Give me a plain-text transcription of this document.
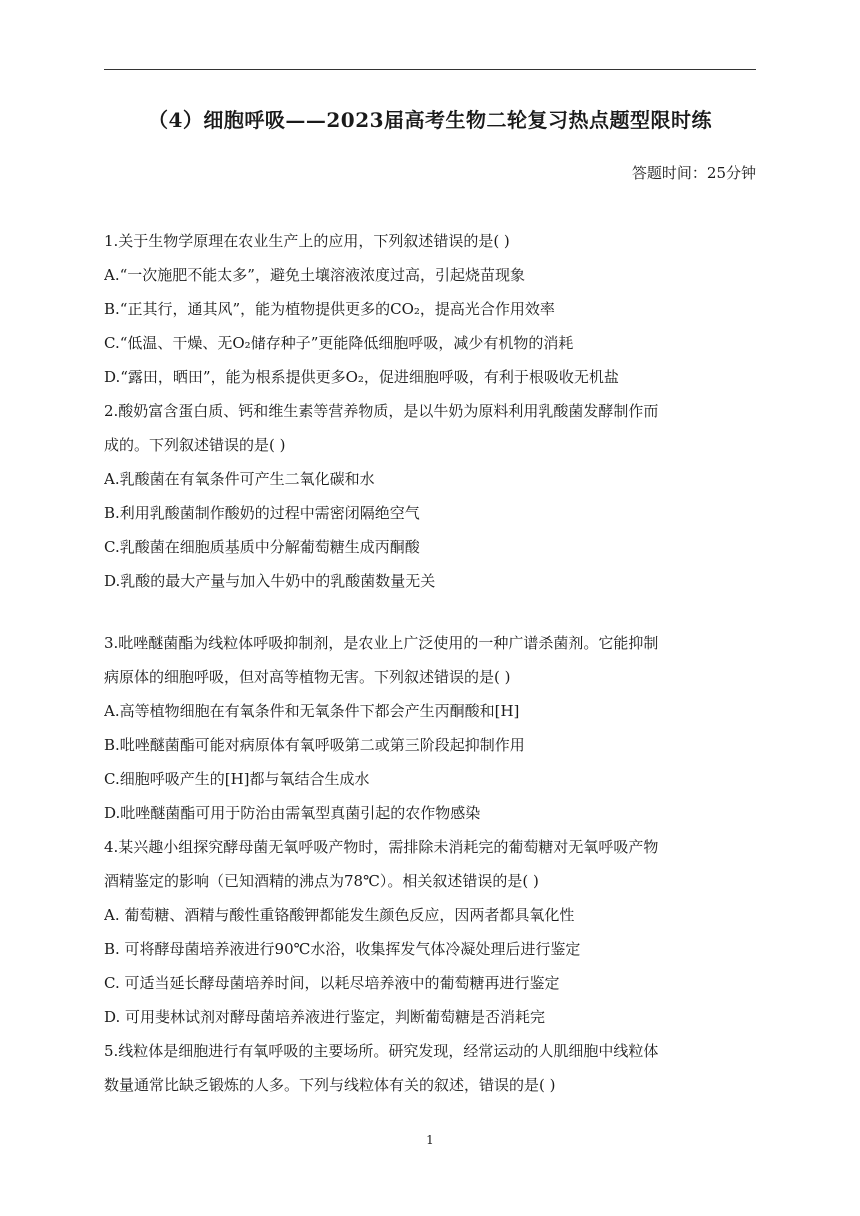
（4）细胞呼吸——2023届高考生物二轮复习热点题型限时练
答题时间：25分钟
1.关于生物学原理在农业生产上的应用，下列叙述错误的是( )
A.“一次施肥不能太多”，避免土壤溶液浓度过高，引起烧苗现象
B.“正其行，通其风”，能为植物提供更多的CO₂，提高光合作用效率
C.“低温、干燥、无O₂储存种子”更能降低细胞呼吸，减少有机物的消耗
D.“露田，晒田”，能为根系提供更多O₂，促进细胞呼吸，有利于根吸收无机盐
2.酸奶富含蛋白质、钙和维生素等营养物质，是以牛奶为原料利用乳酸菌发酵制作而
成的。下列叙述错误的是( )
A.乳酸菌在有氧条件可产生二氧化碳和水
B.利用乳酸菌制作酸奶的过程中需密闭隔绝空气
C.乳酸菌在细胞质基质中分解葡萄糖生成丙酮酸
D.乳酸的最大产量与加入牛奶中的乳酸菌数量无关
3.吡唑醚菌酯为线粒体呼吸抑制剂，是农业上广泛使用的一种广谱杀菌剂。它能抑制
病原体的细胞呼吸，但对高等植物无害。下列叙述错误的是( )
A.高等植物细胞在有氧条件和无氧条件下都会产生丙酮酸和[H]
B.吡唑醚菌酯可能对病原体有氧呼吸第二或第三阶段起抑制作用
C.细胞呼吸产生的[H]都与氧结合生成水
D.吡唑醚菌酯可用于防治由需氧型真菌引起的农作物感染
4.某兴趣小组探究酵母菌无氧呼吸产物时，需排除未消耗完的葡萄糖对无氧呼吸产物
酒精鉴定的影响（已知酒精的沸点为78℃）。相关叙述错误的是( )
A. 葡萄糖、酒精与酸性重铬酸钾都能发生颜色反应，因两者都具氧化性
B. 可将酵母菌培养液进行90℃水浴，收集挥发气体冷凝处理后进行鉴定
C. 可适当延长酵母菌培养时间，以耗尽培养液中的葡萄糖再进行鉴定
D. 可用斐林试剂对酵母菌培养液进行鉴定，判断葡萄糖是否消耗完
5.线粒体是细胞进行有氧呼吸的主要场所。研究发现，经常运动的人肌细胞中线粒体
数量通常比缺乏锻炼的人多。下列与线粒体有关的叙述，错误的是( )
1
